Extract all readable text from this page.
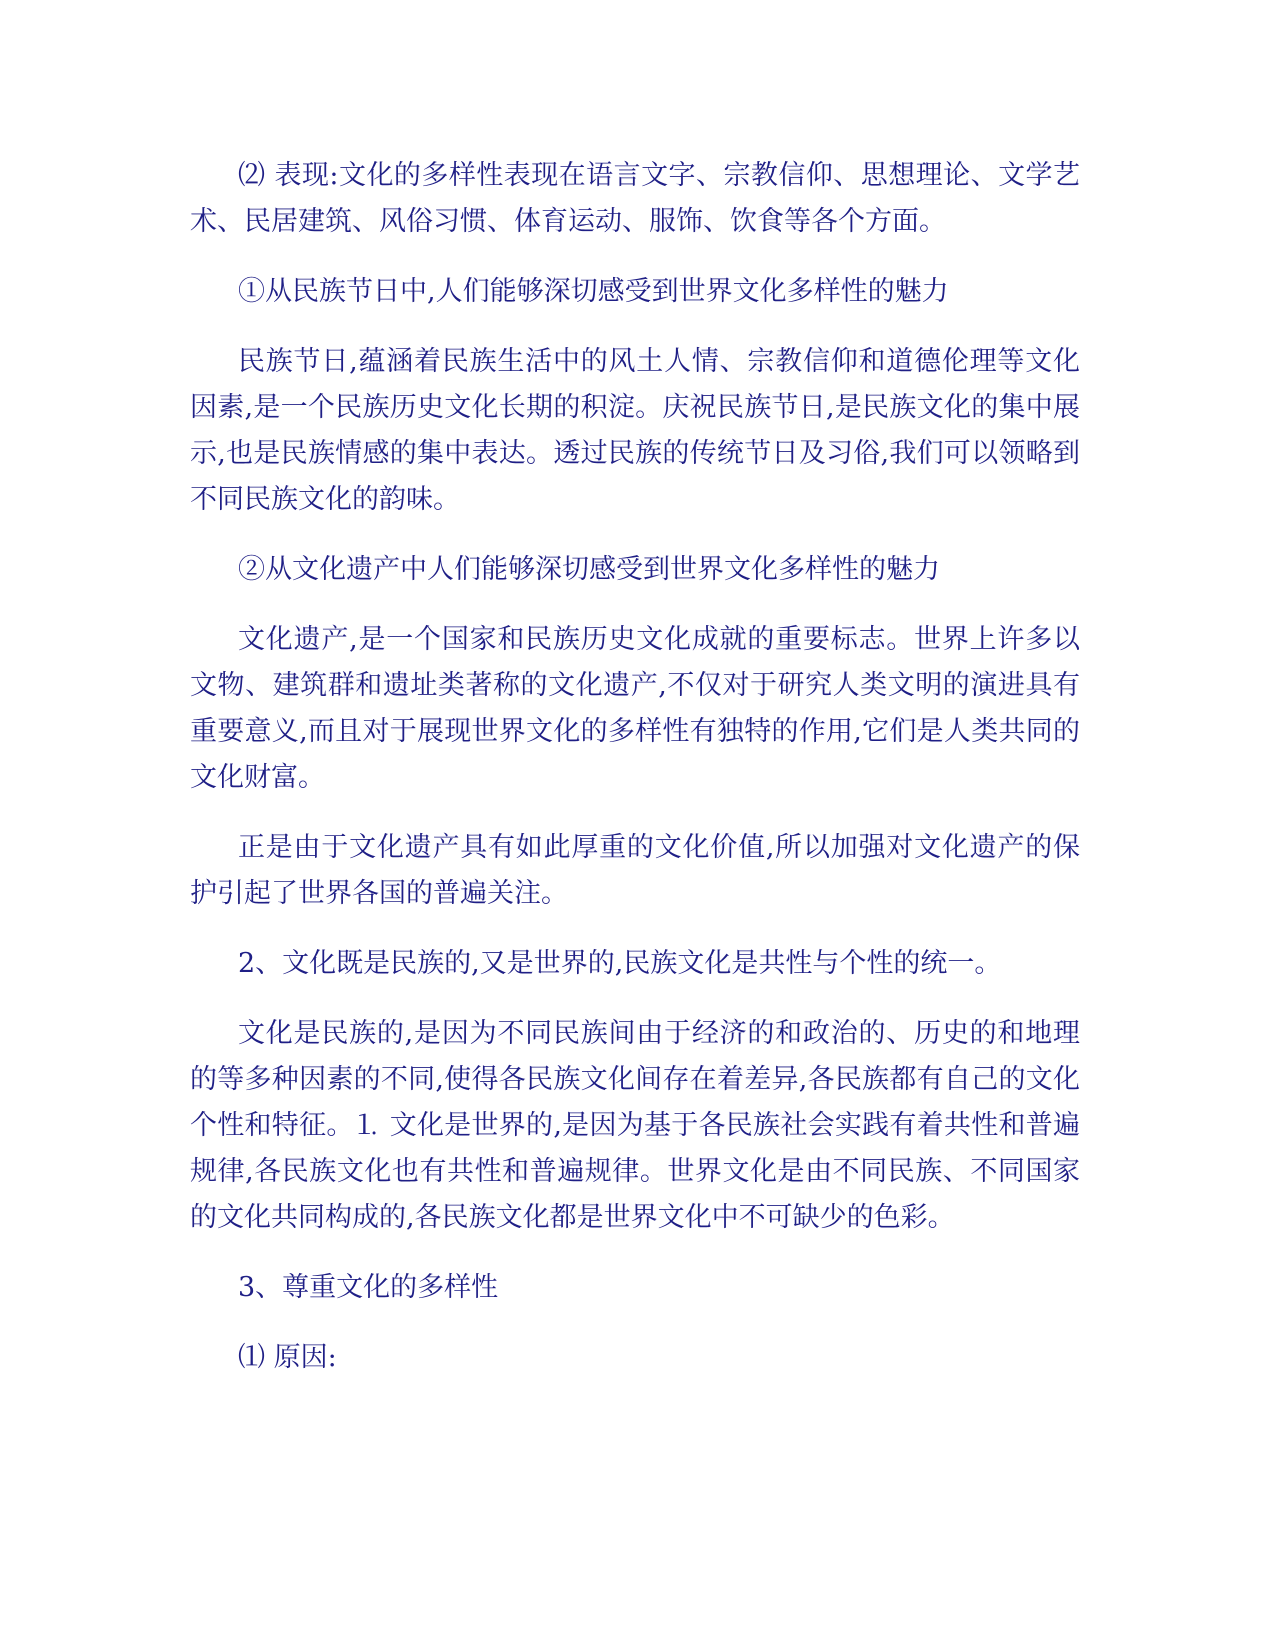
⑵ 表现:文化的多样性表现在语言文字、宗教信仰、思想理论、文学艺术、民居建筑、风俗习惯、体育运动、服饰、饮食等各个方面。

①从民族节日中,人们能够深切感受到世界文化多样性的魅力

民族节日,蕴涵着民族生活中的风土人情、宗教信仰和道德伦理等文化因素,是一个民族历史文化长期的积淀。庆祝民族节日,是民族文化的集中展示,也是民族情感的集中表达。透过民族的传统节日及习俗,我们可以领略到不同民族文化的韵味。

②从文化遗产中人们能够深切感受到世界文化多样性的魅力

文化遗产,是一个国家和民族历史文化成就的重要标志。世界上许多以文物、建筑群和遗址类著称的文化遗产,不仅对于研究人类文明的演进具有重要意义,而且对于展现世界文化的多样性有独特的作用,它们是人类共同的文化财富。

正是由于文化遗产具有如此厚重的文化价值,所以加强对文化遗产的保护引起了世界各国的普遍关注。

2、文化既是民族的,又是世界的,民族文化是共性与个性的统一。

文化是民族的,是因为不同民族间由于经济的和政治的、历史的和地理的等多种因素的不同,使得各民族文化间存在着差异,各民族都有自己的文化个性和特征。⒈ 文化是世界的,是因为基于各民族社会实践有着共性和普遍规律,各民族文化也有共性和普遍规律。世界文化是由不同民族、不同国家的文化共同构成的,各民族文化都是世界文化中不可缺少的色彩。

3、尊重文化的多样性

⑴ 原因:
